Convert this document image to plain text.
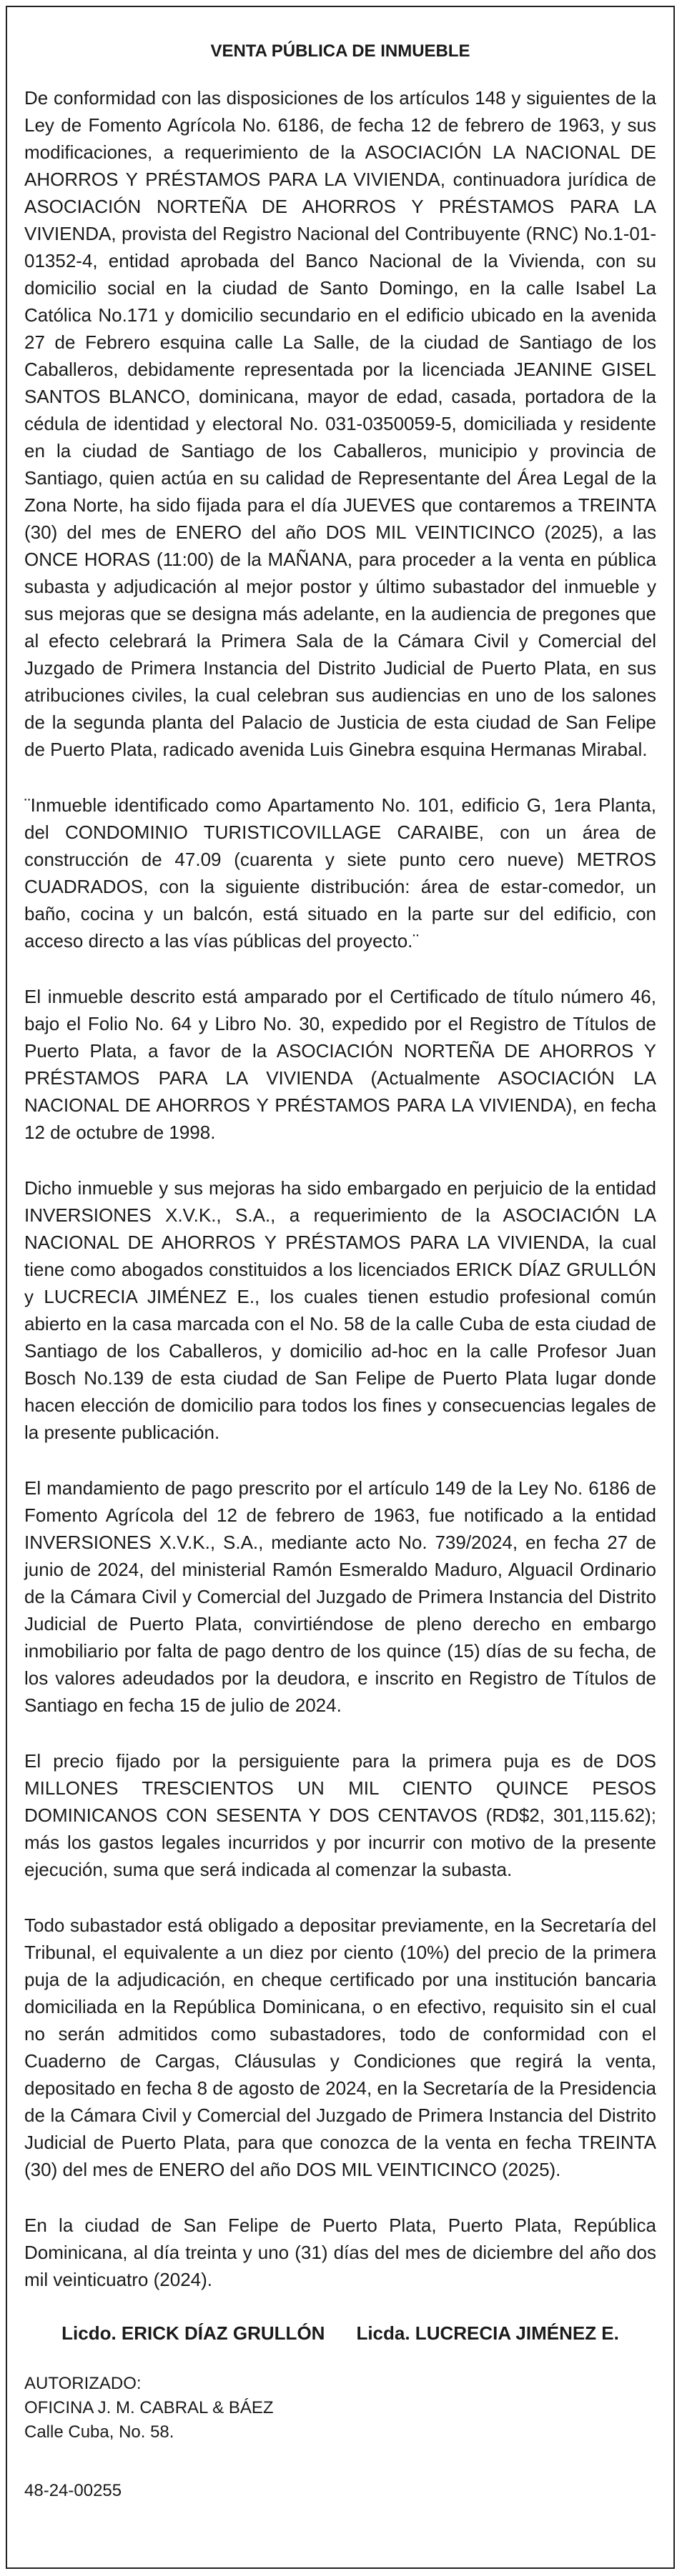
VENTA PÚBLICA DE INMUEBLE

De conformidad con las disposiciones de los artículos 148 y siguientes de la Ley de Fomento Agrícola No. 6186, de fecha 12 de febrero de 1963, y sus modificaciones, a requerimiento de la ASOCIACIÓN LA NACIONAL DE AHORROS Y PRÉSTAMOS PARA LA VIVIENDA, continuadora jurídica de ASOCIACIÓN NORTEÑA DE AHORROS Y PRÉSTAMOS PARA LA VIVIENDA, provista del Registro Nacional del Contribuyente (RNC) No.1-01-01352-4, entidad aprobada del Banco Nacional de la Vivienda, con su domicilio social en la ciudad de Santo Domingo, en la calle Isabel La Católica No.171 y domicilio secundario en el edificio ubicado en la avenida 27 de Febrero esquina calle La Salle, de la ciudad de Santiago de los Caballeros, debidamente representada por la licenciada JEANINE GISEL SANTOS BLANCO, dominicana, mayor de edad, casada, portadora de la cédula de identidad y electoral No. 031-0350059-5, domiciliada y residente en la ciudad de Santiago de los Caballeros, municipio y provincia de Santiago, quien actúa en su calidad de Representante del Área Legal de la Zona Norte, ha sido fijada para el día JUEVES que contaremos a TREINTA (30) del mes de ENERO del año DOS MIL VEINTICINCO (2025), a las ONCE HORAS (11:00) de la MAÑANA, para proceder a la venta en pública subasta y adjudicación al mejor postor y último subastador del inmueble y sus mejoras que se designa más adelante, en la audiencia de pregones que al efecto celebrará la Primera Sala de la Cámara Civil y Comercial del Juzgado de Primera Instancia del Distrito Judicial de Puerto Plata, en sus atribuciones civiles, la cual celebran sus audiencias en uno de los salones de la segunda planta del Palacio de Justicia de esta ciudad de San Felipe de Puerto Plata, radicado avenida Luis Ginebra esquina Hermanas Mirabal.

¨Inmueble identificado como Apartamento No. 101, edificio G, 1era Planta, del CONDOMINIO TURISTICOVILLAGE CARAIBE, con un área de construcción de 47.09 (cuarenta y siete punto cero nueve) METROS CUADRADOS, con la siguiente distribución: área de estar-comedor, un baño, cocina y un balcón, está situado en la parte sur del edificio, con acceso directo a las vías públicas del proyecto.¨

El inmueble descrito está amparado por el Certificado de título número 46, bajo el Folio No. 64 y Libro No. 30, expedido por el Registro de Títulos de Puerto Plata, a favor de la ASOCIACIÓN NORTEÑA DE AHORROS Y PRÉSTAMOS PARA LA VIVIENDA (Actualmente ASOCIACIÓN LA NACIONAL DE AHORROS Y PRÉSTAMOS PARA LA VIVIENDA), en fecha 12 de octubre de 1998.

Dicho inmueble y sus mejoras ha sido embargado en perjuicio de la entidad INVERSIONES X.V.K., S.A., a requerimiento de la ASOCIACIÓN LA NACIONAL DE AHORROS Y PRÉSTAMOS PARA LA VIVIENDA, la cual tiene como abogados constituidos a los licenciados ERICK DÍAZ GRULLÓN y LUCRECIA JIMÉNEZ E., los cuales tienen estudio profesional común abierto en la casa marcada con el No. 58 de la calle Cuba de esta ciudad de Santiago de los Caballeros, y domicilio ad-hoc en la calle Profesor Juan Bosch No.139 de esta ciudad de San Felipe de Puerto Plata lugar donde hacen elección de domicilio para todos los fines y consecuencias legales de la presente publicación.

El mandamiento de pago prescrito por el artículo 149 de la Ley No. 6186 de Fomento Agrícola del 12 de febrero de 1963, fue notificado a la entidad INVERSIONES X.V.K., S.A., mediante acto No. 739/2024, en fecha 27 de junio de 2024, del ministerial Ramón Esmeraldo Maduro, Alguacil Ordinario de la Cámara Civil y Comercial del Juzgado de Primera Instancia del Distrito Judicial de Puerto Plata, convirtiéndose de pleno derecho en embargo inmobiliario por falta de pago dentro de los quince (15) días de su fecha, de los valores adeudados por la deudora, e inscrito en Registro de Títulos de Santiago en fecha 15 de julio de 2024.

El precio fijado por la persiguiente para la primera puja es de DOS MILLONES TRESCIENTOS UN MIL CIENTO QUINCE PESOS DOMINICANOS CON SESENTA Y DOS CENTAVOS (RD$2, 301,115.62); más los gastos legales incurridos y por incurrir con motivo de la presente ejecución, suma que será indicada al comenzar la subasta.

Todo subastador está obligado a depositar previamente, en la Secretaría del Tribunal, el equivalente a un diez por ciento (10%) del precio de la primera puja de la adjudicación, en cheque certificado por una institución bancaria domiciliada en la República Dominicana, o en efectivo, requisito sin el cual no serán admitidos como subastadores, todo de conformidad con el Cuaderno de Cargas, Cláusulas y Condiciones que regirá la venta, depositado en fecha 8 de agosto de 2024, en la Secretaría de la Presidencia de la Cámara Civil y Comercial del Juzgado de Primera Instancia del Distrito Judicial de Puerto Plata, para que conozca de la venta en fecha TREINTA (30) del mes de ENERO del año DOS MIL VEINTICINCO (2025).

En la ciudad de San Felipe de Puerto Plata, Puerto Plata, República Dominicana, al día treinta y uno (31) días del mes de diciembre del año dos mil veinticuatro (2024).

Licdo. ERICK DÍAZ GRULLÓN Licda. LUCRECIA JIMÉNEZ E.

AUTORIZADO:

OFICINA J. M. CABRAL & BÁEZ

Calle Cuba, No. 58.

48-24-00255
